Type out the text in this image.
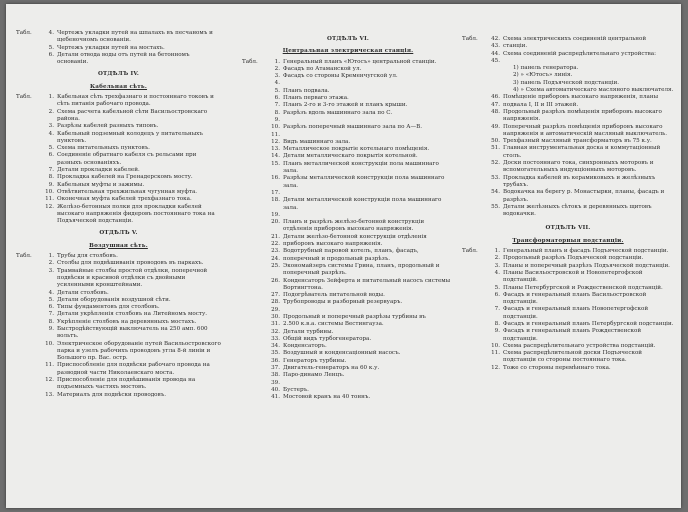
Табл.	4. Чертежъ укладки путей на шпалахъ въ песчаномъ и щебеночномъ основаніи.
5. Чертежъ укладки путей на мостахъ.
6. Детали отвода воды отъ путей на бетонномъ основаніи.
ОТДѢЛЪ IV.
Кабельная сѣть.
Табл.	1. Кабельная сѣть трехфазнаго и постояннаго токовъ и сѣть питанія рабочаго провода.
2. Схема расчета кабельной сѣти Васильостровскаго района.
3. Разрѣзы кабелей разныхъ типовъ.
4. Кабельный подземный колодецъ у питательныхъ пунктовъ.
5. Схема питательныхъ пунктовъ.
6. Соединеніе обратнаго кабеля съ рельсами при разныхъ основаніяхъ.
7. Детали прокладки кабелей.
8. Прокладка кабелей на Гренадерскомъ мосту.
9. Кабельныя муфты и зажимы.
10. Отвѣтвительная трехжильная чугунная муфта.
11. Оконечная муфта кабелей трехфазнаго тока.
12. Желѣзо-бетонныя полки для прокладки кабелей высокаго напряженія фидеровъ постояннаго тока на Подъяческой подстанціи.
ОТДѢЛЪ V.
Воздушная сѣть.
Табл.	1. Трубы для столбовъ.
2. Столбы для подвѣшиванія проводовъ въ паркахъ.
3. Трамвайные столбы простой отдѣлки, поперечной подвѣски и красивой отдѣлки съ двойными усиленными кронштейнами.
4. Детали столбовъ.
5. Детали оборудованія воздушной сѣти.
6. Типы фундаментовъ для столбовъ.
7. Детали укрѣпленія столбовъ на Литейномъ мосту.
8. Укрѣпленіе столбовъ на деревянныхъ мостахъ.
9. Быстродѣйствующій выключатель на 250 амп. 600 вольтъ.
10. Электрическое оборудованіе путей Васильостровского парка и узелъ рабочихъ проводовъ угла 8-й линіи и Большого пр. Вас. остр.
11. Приспособленіе для подвѣски рабочаго провода на разводной части Николаевскаго моста.
12. Приспособленіе для подвѣшиванія провода на подъемныхъ частяхъ мостовъ.
13. Материалъ для подвѣски проводовъ.
ОТДѢЛЪ VI.
Центральная электрическая станція.
Табл.	1. Генеральный планъ «Ютосъ» центральной станціи.
2. Фасадъ по Атаманской ул.
3. Фасадъ со стороны Кременчугской ул.
4.
5. Планъ подвала.
6. Планъ перваго этажа.
7. Планъ 2-го и 3-го этажей и планъ крыши.
8. Разрѣзъ вдоль машиннаго зала по C.
9.
10. Разрѣзъ поперечный машиннаго зала по А—В.
11.
12. Видъ машиннаго зала.
13. Металлическое покрытіе котельнаго помѣщенія.
14. Детали металлическаго покрытія котельной.
15. Планъ металлической конструкціи пола машиннаго зала.
16. Разрѣзы металлической конструкціи пола машиннаго зала.
17.
18. Детали металлической конструкціи пола машиннаго зала.
19.
20. Планъ и разрѣзъ желѣзо-бетонной конструкціи отдѣленія приборовъ высокаго напряженія.
21. Детали желѣзо-бетонной конструкціи отдѣленія
22. приборовъ высокаго напряженія.
23. Водотрубный паровой котелъ, планъ, фасадъ,
24. поперечный и продольный разрѣзъ.
25. Экономайзеръ системы Грина, планъ, продольный и поперечный разрѣзъ.
26. Конденсаторъ Зейферта и питательный насосъ системы Вортингтона.
27. Подогрѣватель питательной воды.
28. Трубопроводы и разборный резервуаръ.
29.
30. Продольный и поперечный разрѣзы турбины въ
31. 2.500 к.в.а. системы Вестингауза.
32. Детали турбины.
33. Общій видъ турбогенератора.
34. Конденсаторъ.
35. Воздушный и конденсаціонный насосъ.
36. Генераторъ турбины.
37. Двигатель-генераторъ на 60 к.у.
38. Паро-динамо Ленцъ.
39.
40. Бустеръ.
41. Мостовой кранъ на 40 тоннъ.
Табл.	42. Схема электрическихъ соединеній центральной
43. станціи.
44. Схема соединеній распредѣлительнаго устройства:
45.
1) панель генератора.
2) » «Ютосъ» линія.
3) панель Подъяческой подстанціи.
4) » Схема автоматическаго масляного выключателя.
46. Помѣщеніе приборовъ высокаго напряженія, планы
47. подвала I, II и III этажей.
48. Продольный разрѣзъ помѣщенія приборовъ высокаго напряженія.
49. Поперечный разрѣзъ помѣщенія приборовъ высокаго напряженія и автоматическій масляный выключатель.
50. Трехфазный масляный трансформаторъ въ 75 к.у.
51. Главная инструментальная доска и коммутаціонный столъ.
52. Доски постояннаго тока, синхронныхъ моторовъ и вспомогательныхъ индукціонныхъ моторовъ.
53. Прокладка кабелей въ керамиковыхъ и желѣзныхъ трубахъ.
54. Водокачка на берегу р. Монастырки, планы, фасадъ и разрѣзъ.
55. Детали желѣзныхъ сѣтокъ и деревянныхъ щитовъ водокачки.
ОТДѢЛЪ VII.
Трансформаторныя подстанціи.
Табл.	1. Генеральный планъ и фасадъ Подъяческой подстанціи.
2. Продольный разрѣзъ Подъяческой подстанціи.
3. Планы и поперечный разрѣзъ Подъяческой подстанціи.
4. Планы Васильостровской и Новопетергофской подстанцій.
5. Планы Петербургской и Рождественской подстанцій.
6. Фасадъ и генеральный планъ Васильостровской подстанціи.
7. Фасадъ и генеральный планъ Новопетергофской подстанціи.
8. Фасадъ и генеральный планъ Петербургской подстанціи.
9. Фасадъ и генеральный планъ Рождественской подстанціи.
10. Схема распредѣлительнаго устройства подстанцій.
11. Схема распредѣлительной доски Подъяческой подстанціи со стороны постояннаго тока.
12. Тоже со стороны перемѣннаго тока.
